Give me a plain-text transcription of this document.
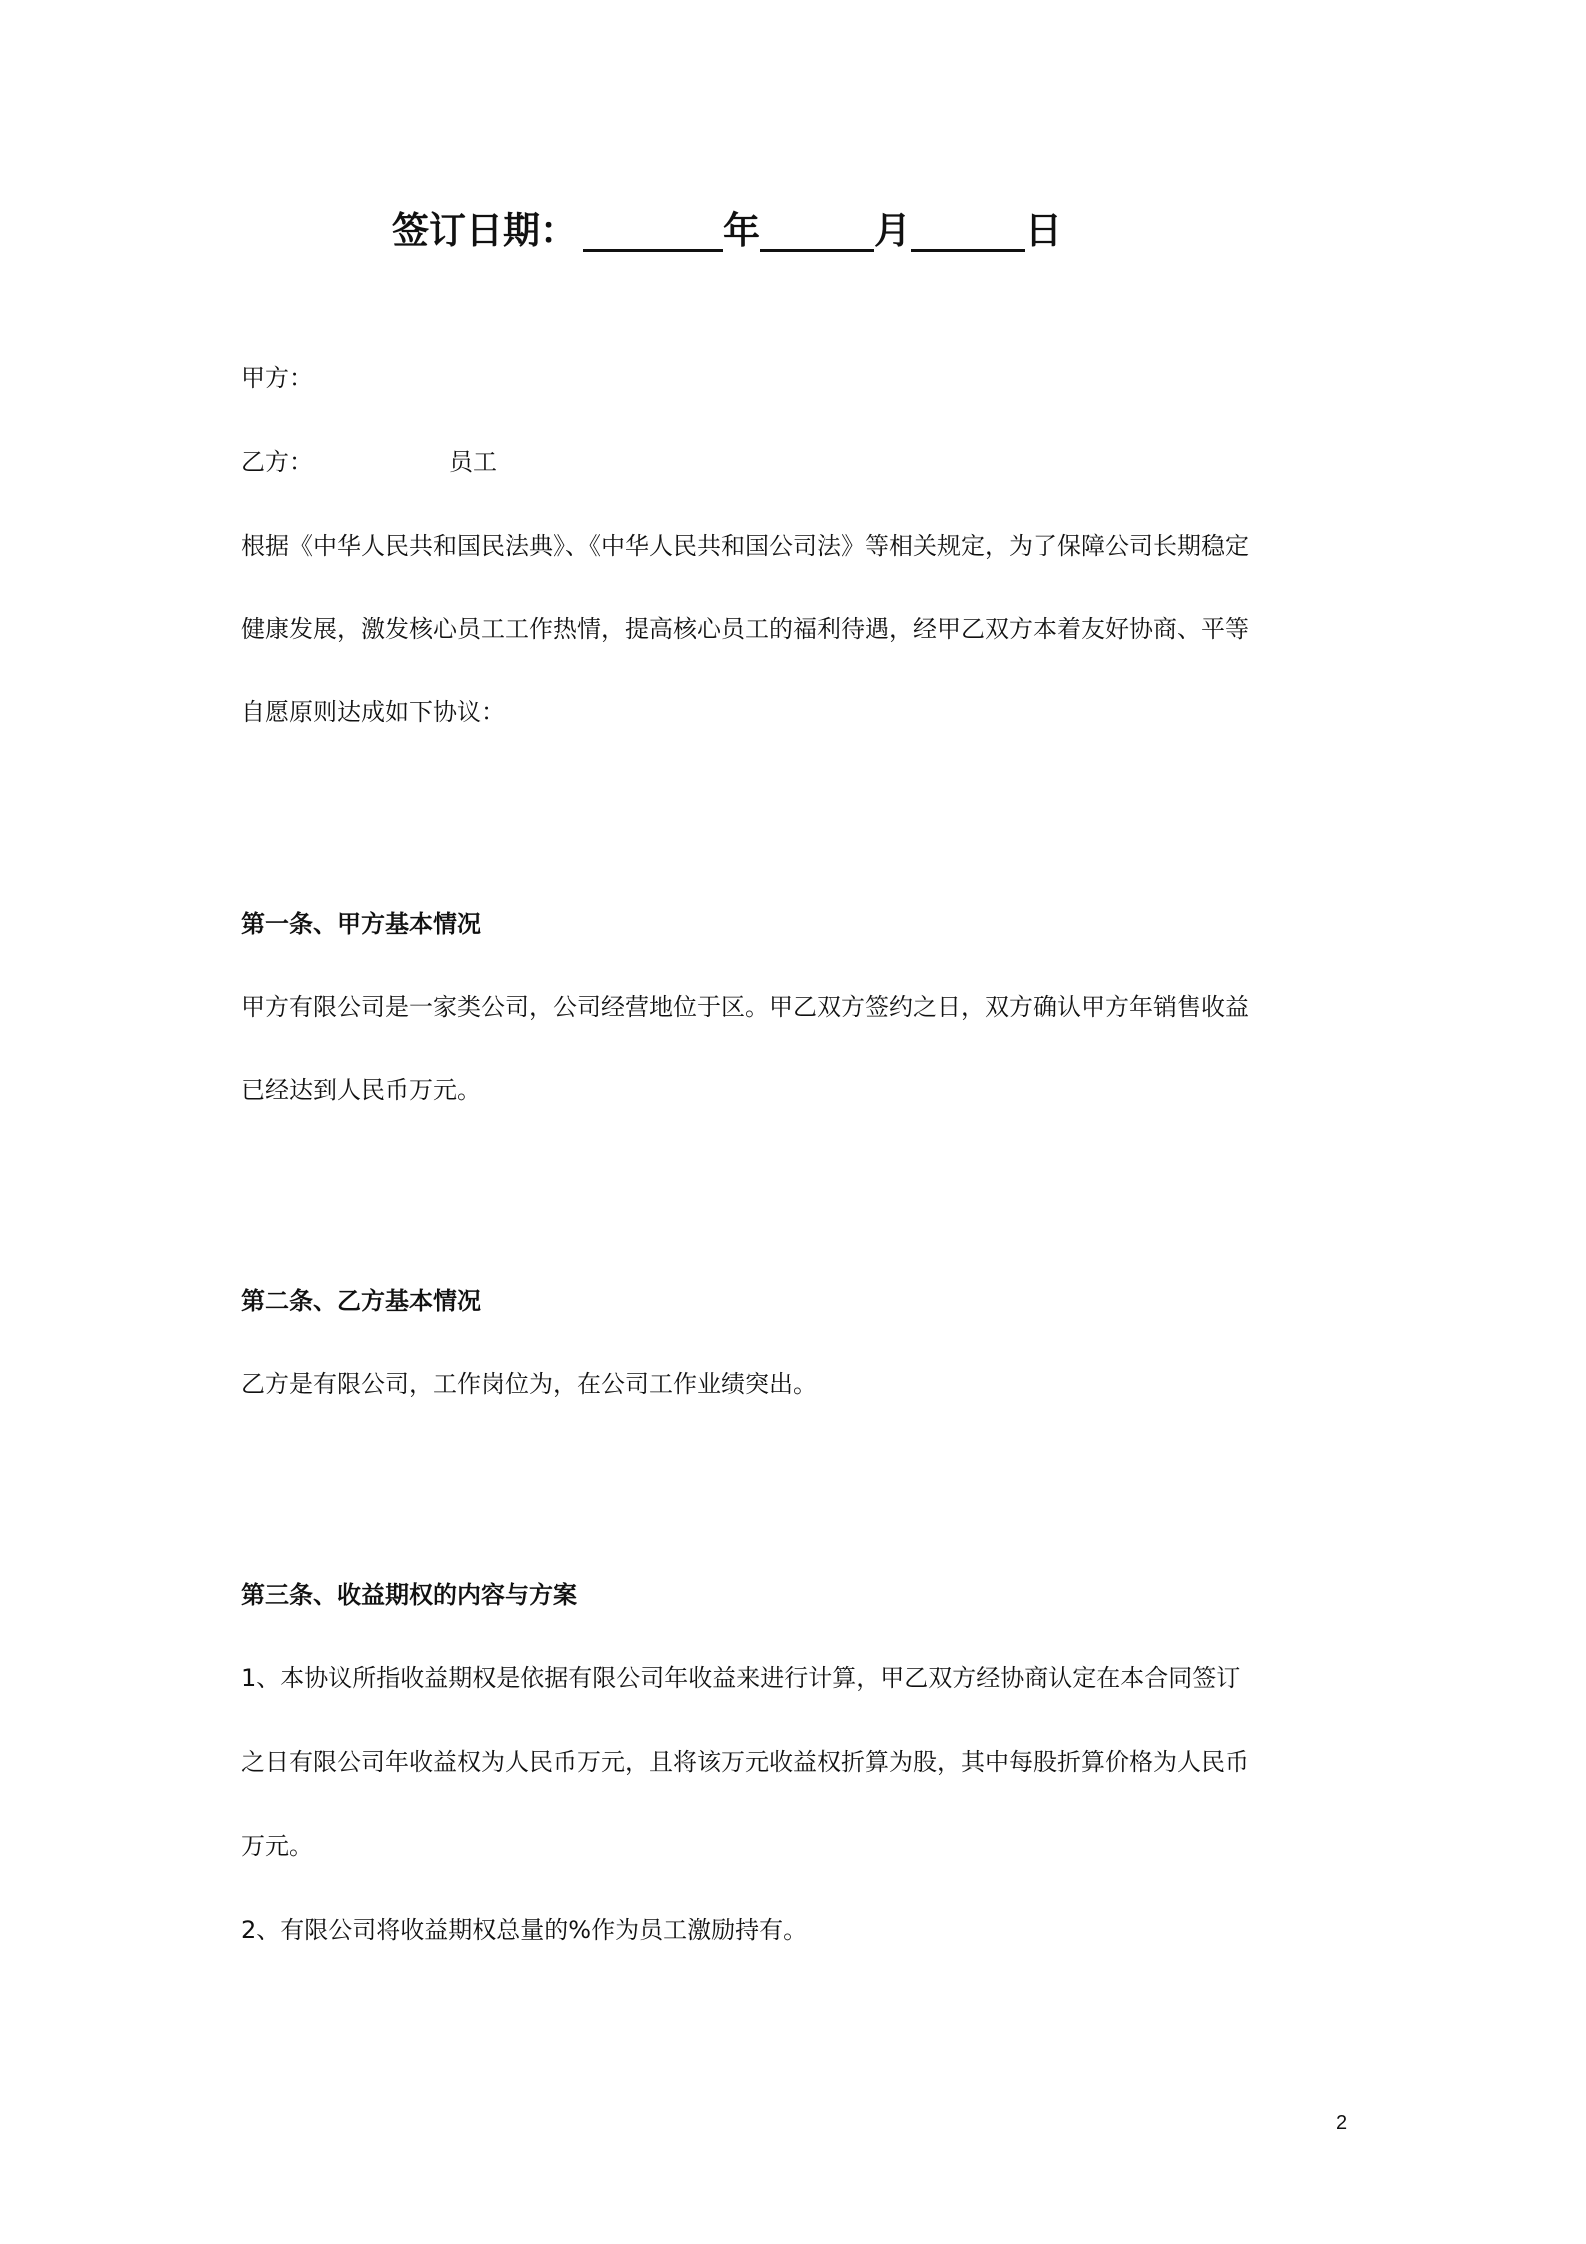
签订日期：	年	月	日
甲方：
乙方：	员工
根据《中华人民共和国民法典》、《中华人民共和国公司法》等相关规定，为了保障公司长期稳定
健康发展，激发核心员工工作热情，提高核心员工的福利待遇，经甲乙双方本着友好协商、平等
自愿原则达成如下协议：
第一条、甲方基本情况
甲方有限公司是一家类公司，公司经营地位于区。甲乙双方签约之日，双方确认甲方年销售收益
已经达到人民币万元。
第二条、乙方基本情况
乙方是有限公司，工作岗位为，在公司工作业绩突出。
第三条、收益期权的内容与方案
1、本协议所指收益期权是依据有限公司年收益来进行计算，甲乙双方经协商认定在本合同签订
之日有限公司年收益权为人民币万元，且将该万元收益权折算为股，其中每股折算价格为人民币
万元。
2、有限公司将收益期权总量的%作为员工激励持有。
2
